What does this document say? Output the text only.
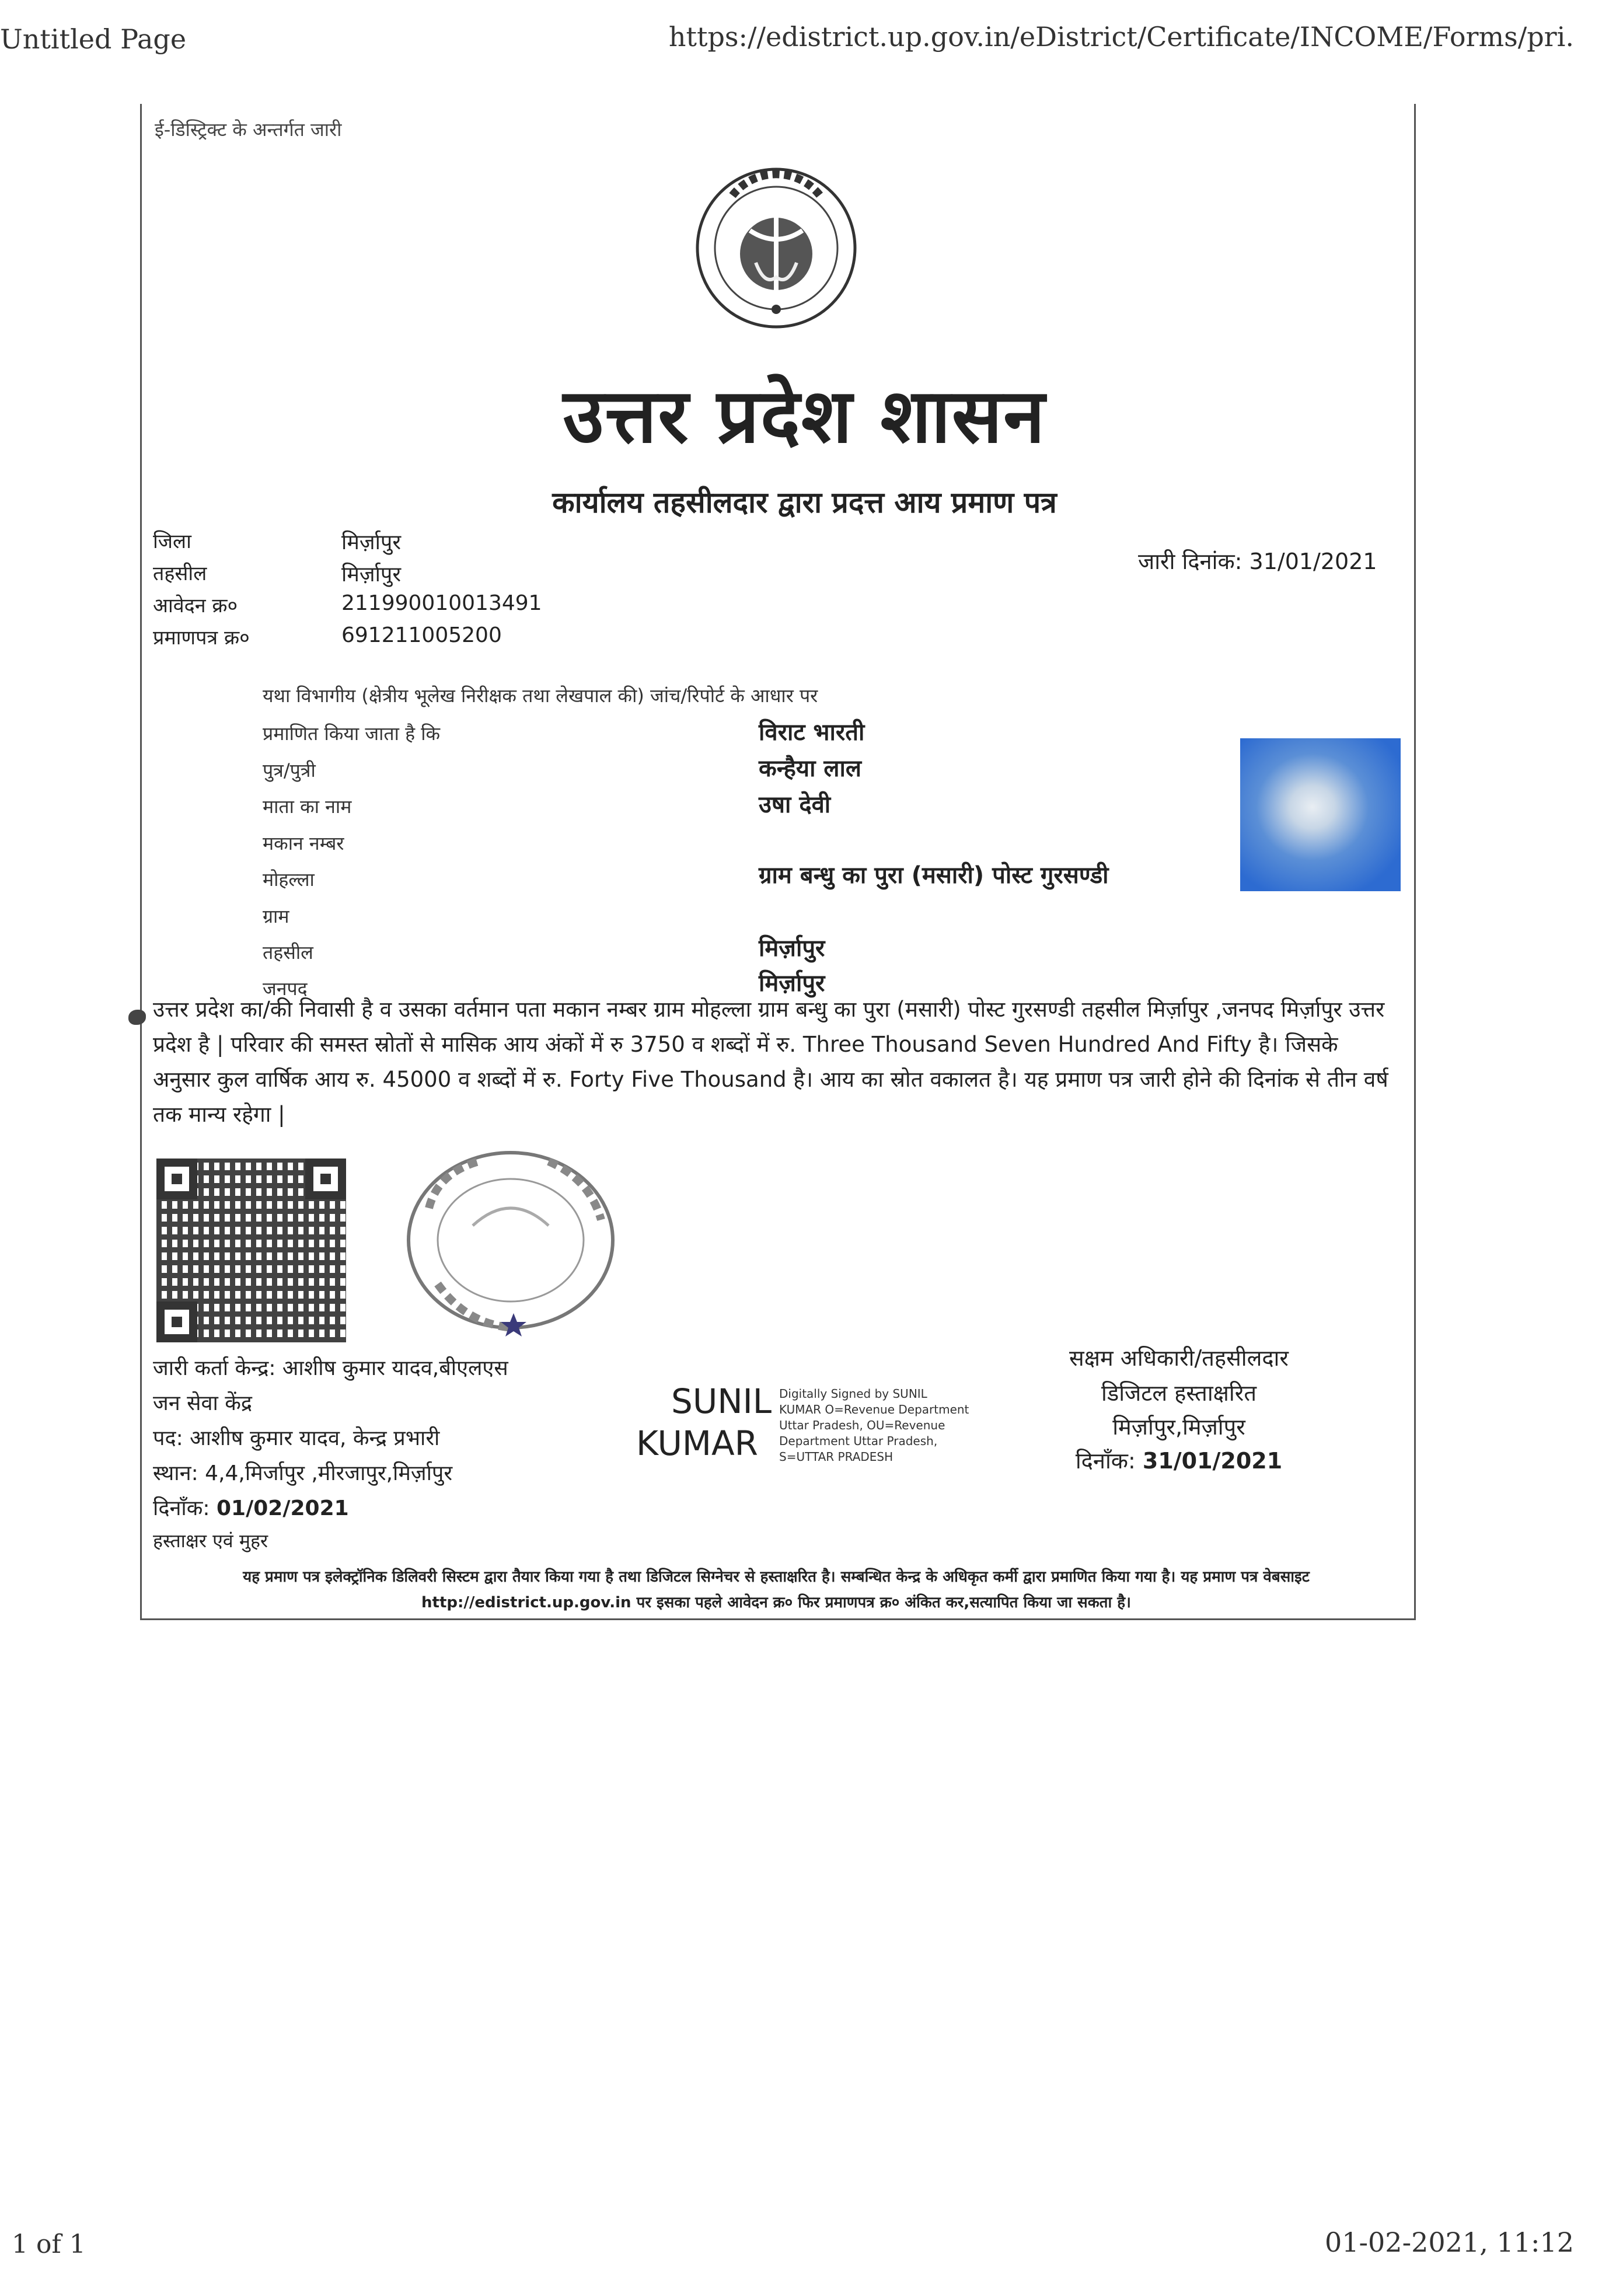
Untitled Page	https://edistrict.up.gov.in/eDistrict/Certificate/INCOME/Forms/pri.
ई-डिस्ट्रिक्ट के अन्तर्गत जारी
उत्तर प्रदेश शासन
कार्यालय तहसीलदार द्वारा प्रदत्त आय प्रमाण पत्र
जिला	मिर्ज़ापुर
तहसील	मिर्ज़ापुर
आवेदन क्र०	211990010013491
प्रमाणपत्र क्र०	691211005200
जारी दिनांक: 31/01/2021
यथा विभागीय (क्षेत्रीय भूलेख निरीक्षक तथा लेखपाल की) जांच/रिपोर्ट के आधार पर
प्रमाणित किया जाता है कि	विराट भारती
पुत्र/पुत्री	कन्हैया लाल
माता का नाम	उषा देवी
मकान नम्बर
मोहल्ला	ग्राम बन्धु का पुरा (मसारी) पोस्ट गुरसण्डी
ग्राम
तहसील	मिर्ज़ापुर
जनपद	मिर्ज़ापुर
उत्तर प्रदेश का/की निवासी है व उसका वर्तमान पता मकान नम्बर ग्राम मोहल्ला ग्राम बन्धु का पुरा (मसारी) पोस्ट गुरसण्डी तहसील मिर्ज़ापुर ,जनपद मिर्ज़ापुर उत्तर प्रदेश है | परिवार की समस्त स्रोतों से मासिक आय अंकों में रु 3750 व शब्दों में रु. Three Thousand Seven Hundred And Fifty है। जिसके अनुसार कुल वार्षिक आय रु. 45000 व शब्दों में रु. Forty Five Thousand है। आय का स्रोत वकालत है। यह प्रमाण पत्र जारी होने की दिनांक से तीन वर्ष तक मान्य रहेगा |
जारी कर्ता केन्द्र: आशीष कुमार यादव,बीएलएस
जन सेवा केंद्र
पद: आशीष कुमार यादव, केन्द्र प्रभारी
स्थान: 4,4,मिर्जापुर ,मीरजापुर,मिर्ज़ापुर
दिनाँक: 01/02/2021
हस्ताक्षर एवं मुहर
SUNIL
KUMAR
Digitally Signed by SUNIL KUMAR O=Revenue Department Uttar Pradesh, OU=Revenue Department Uttar Pradesh, S=UTTAR PRADESH
सक्षम अधिकारी/तहसीलदार
डिजिटल हस्ताक्षरित
मिर्ज़ापुर,मिर्ज़ापुर
दिनाँक: 31/01/2021
यह प्रमाण पत्र इलेक्ट्रॉनिक डिलिवरी सिस्टम द्वारा तैयार किया गया है तथा डिजिटल सिग्नेचर से हस्ताक्षरित है। सम्बन्धित केन्द्र के अधिकृत कर्मी द्वारा प्रमाणित किया गया है। यह प्रमाण पत्र वेबसाइट http://edistrict.up.gov.in पर इसका पहले आवेदन क्र० फिर प्रमाणपत्र क्र० अंकित कर,सत्यापित किया जा सकता है।
1 of 1	01-02-2021, 11:12
